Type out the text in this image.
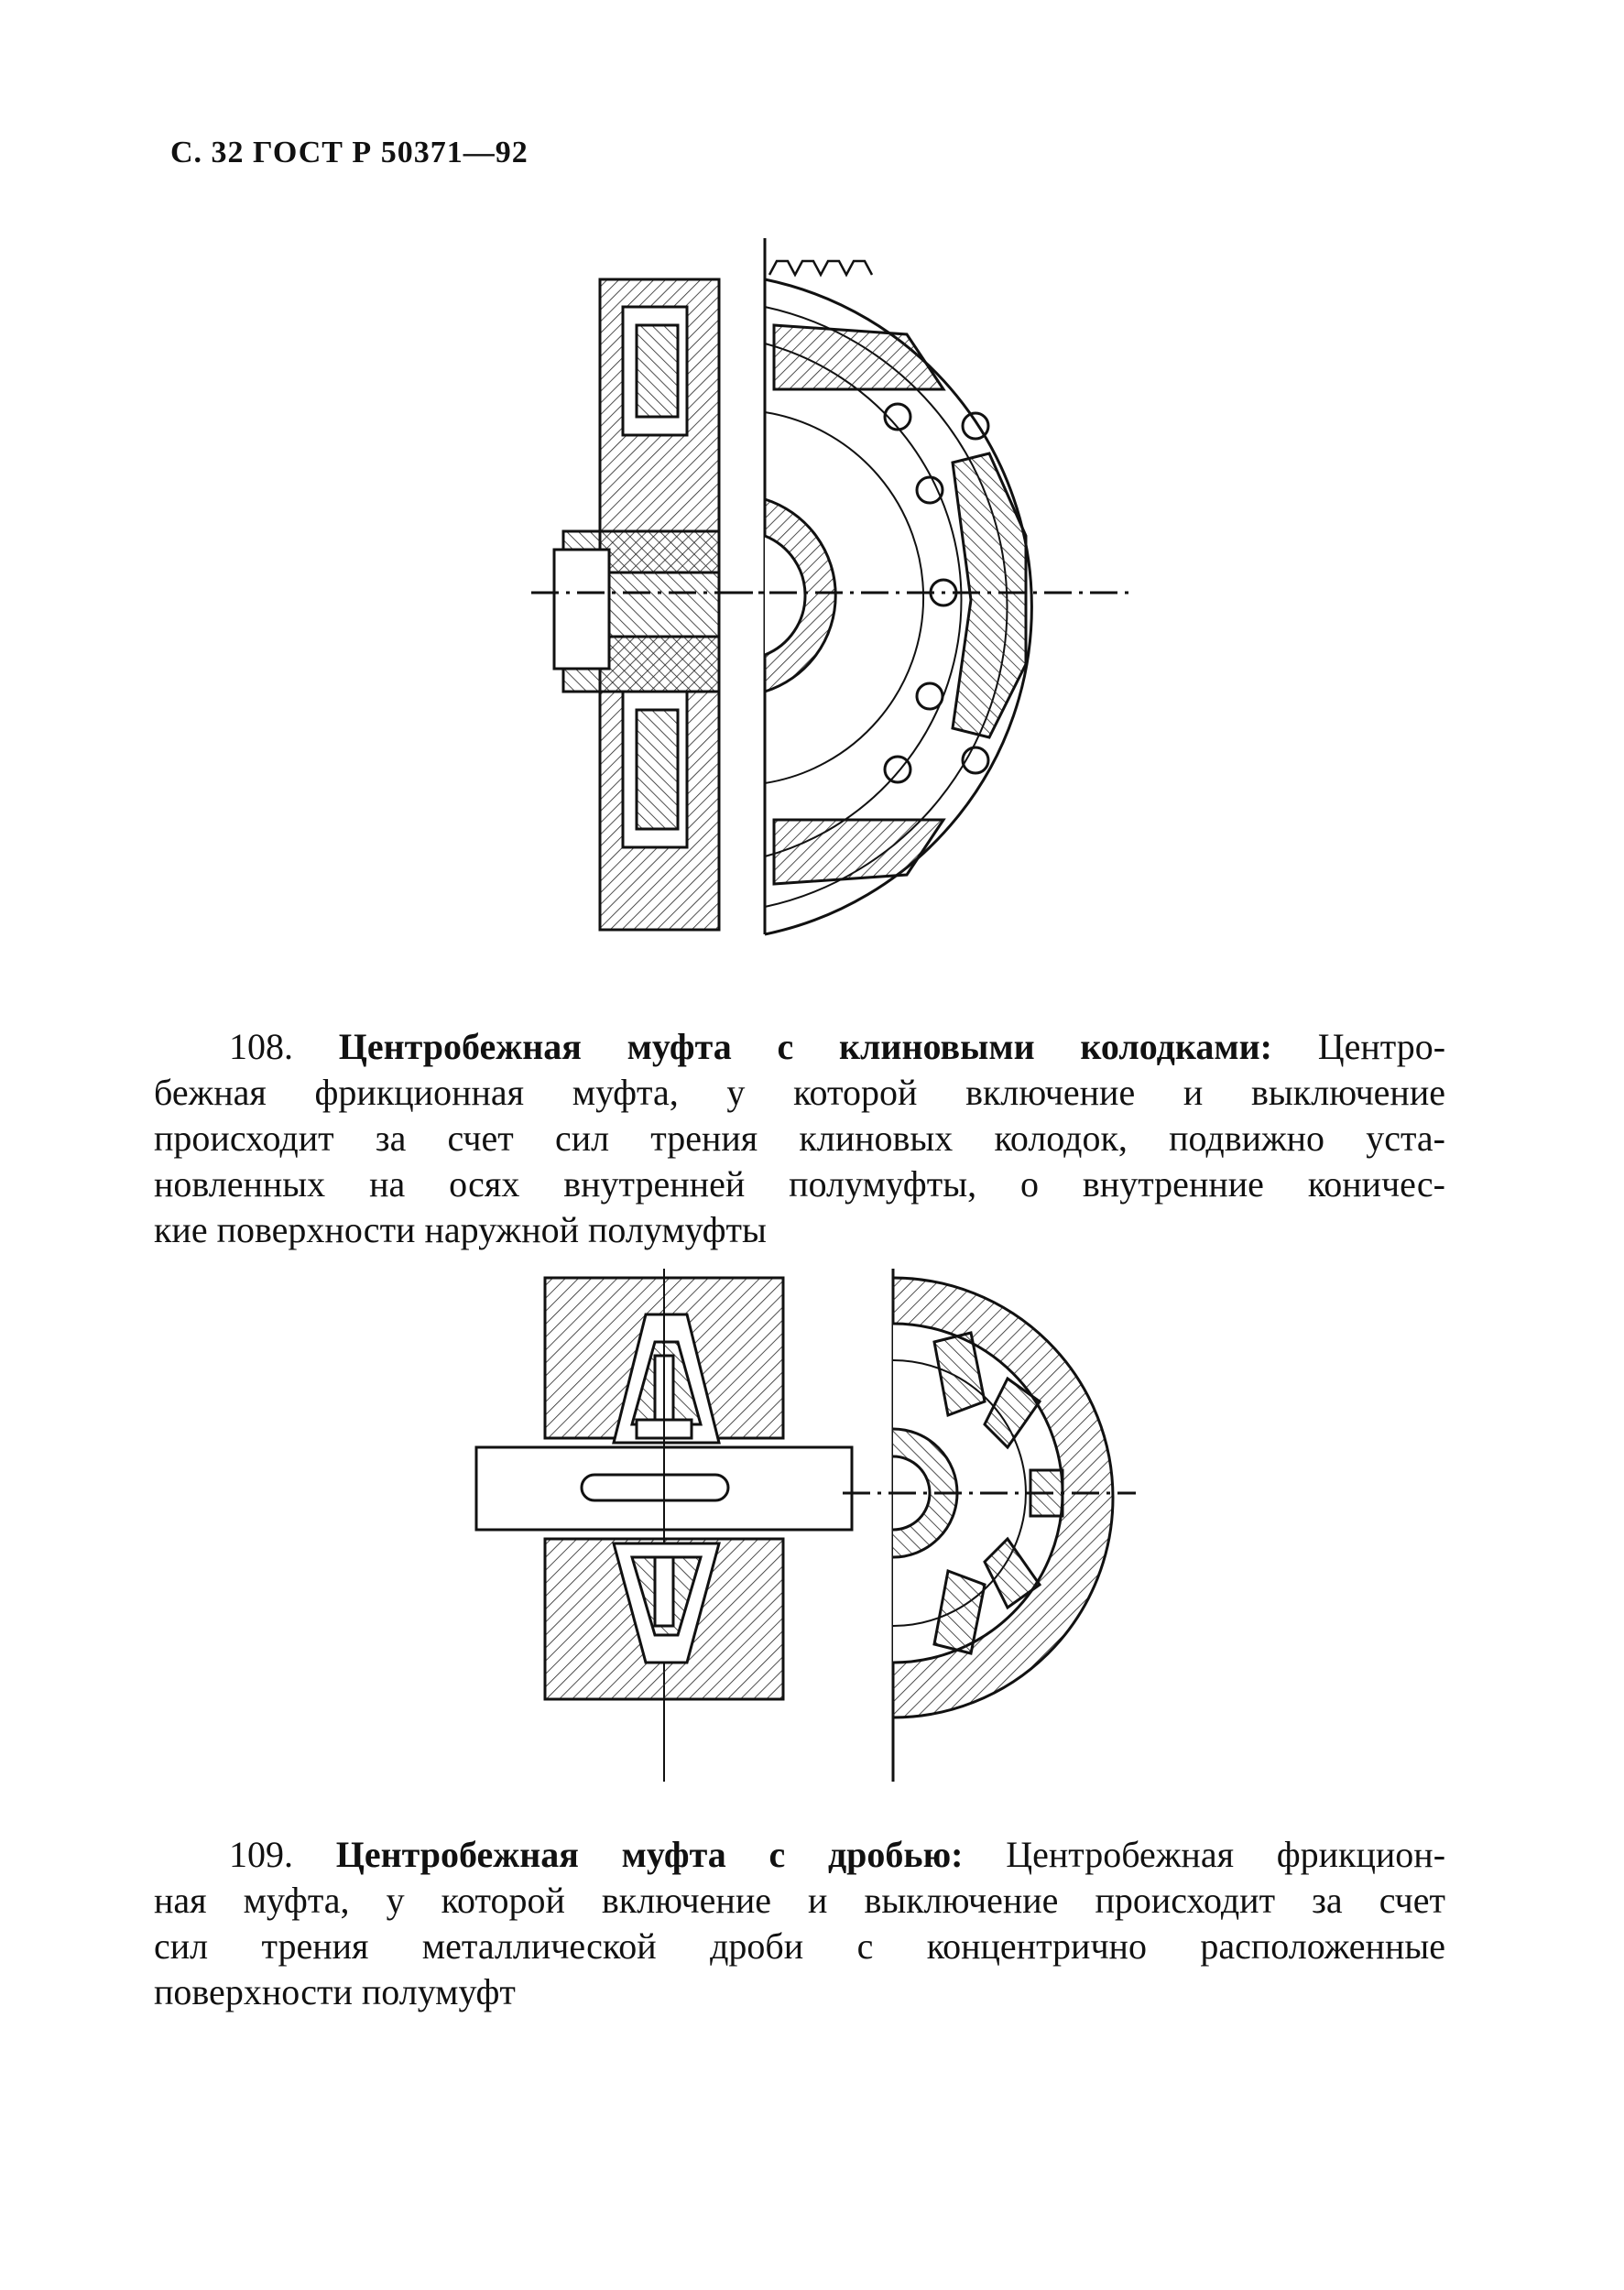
С. 32 ГОСТ Р 50371—92
108. Центробежная муфта с клиновыми колодками: Центро-
бежная фрикционная муфта, у которой включение и выключение
происходит за счет сил трения клиновых колодок, подвижно уста-
новленных на осях внутренней полумуфты, о внутренние коничес-
кие поверхности наружной полумуфты
109. Центробежная муфта с дробью: Центробежная фрикцион-
ная муфта, у которой включение и выключение происходит за счет
сил трения металлической дроби с концентрично расположенные
поверхности полумуфт
